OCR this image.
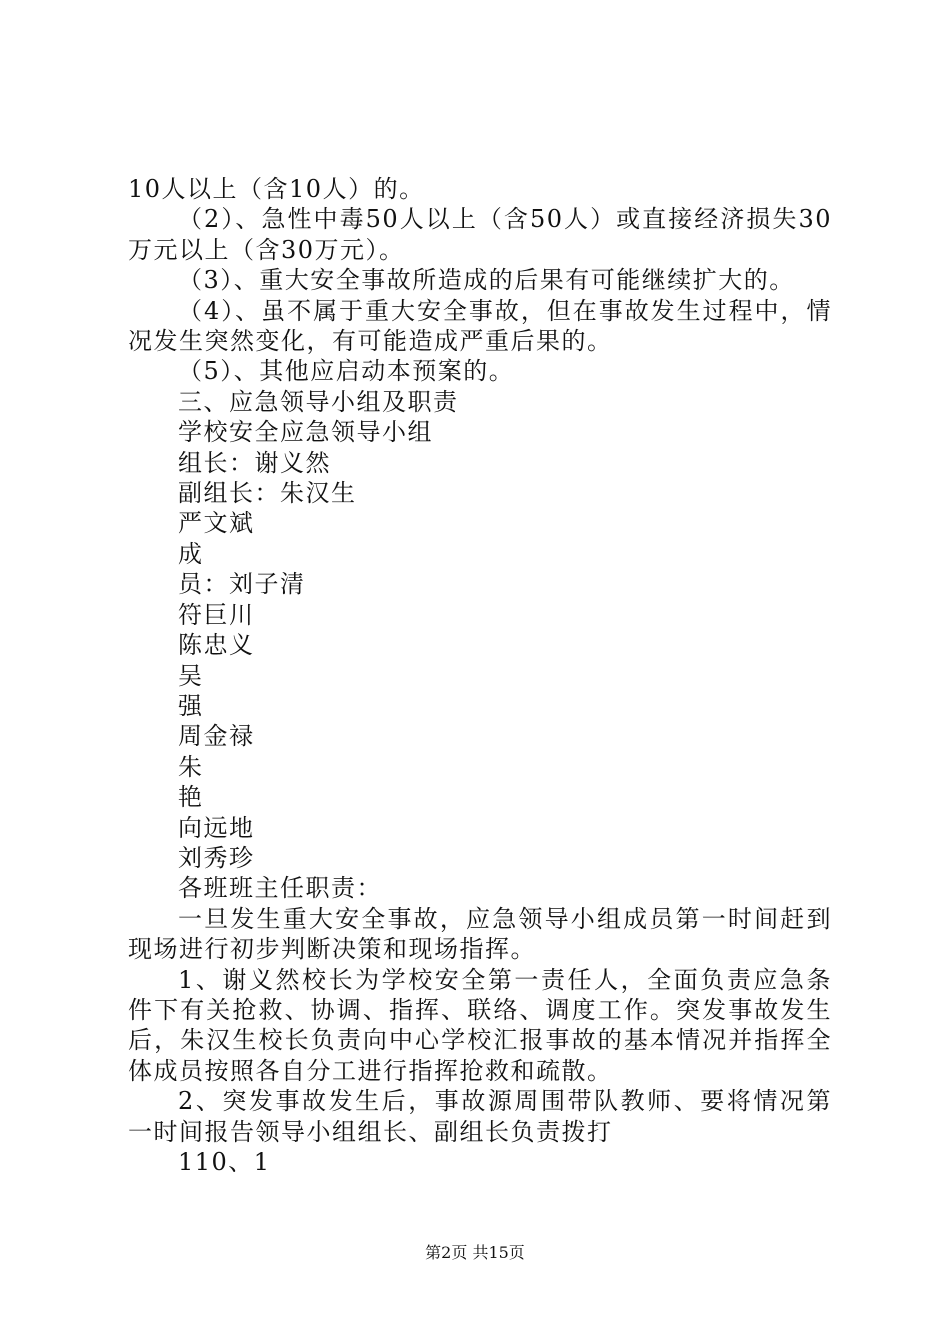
10人以上（含10人）的。

（2）、急性中毒50人以上（含50人）或直接经济损失30万元以上（含30万元）。

（3）、重大安全事故所造成的后果有可能继续扩大的。

（4）、虽不属于重大安全事故，但在事故发生过程中，情况发生突然变化，有可能造成严重后果的。

（5）、其他应启动本预案的。

三、应急领导小组及职责

学校安全应急领导小组

组长：谢义然

副组长：朱汉生

严文斌

成

员：刘子清

符巨川

陈忠义

吴

强

周金禄

朱

艳

向远地

刘秀珍

各班班主任职责：

一旦发生重大安全事故，应急领导小组成员第一时间赶到现场进行初步判断决策和现场指挥。

1、谢义然校长为学校安全第一责任人，全面负责应急条件下有关抢救、协调、指挥、联络、调度工作。突发事故发生后，朱汉生校长负责向中心学校汇报事故的基本情况并指挥全体成员按照各自分工进行指挥抢救和疏散。

2、突发事故发生后，事故源周围带队教师、要将情况第一时间报告领导小组组长、副组长负责拨打

110、1

第2页 共15页
